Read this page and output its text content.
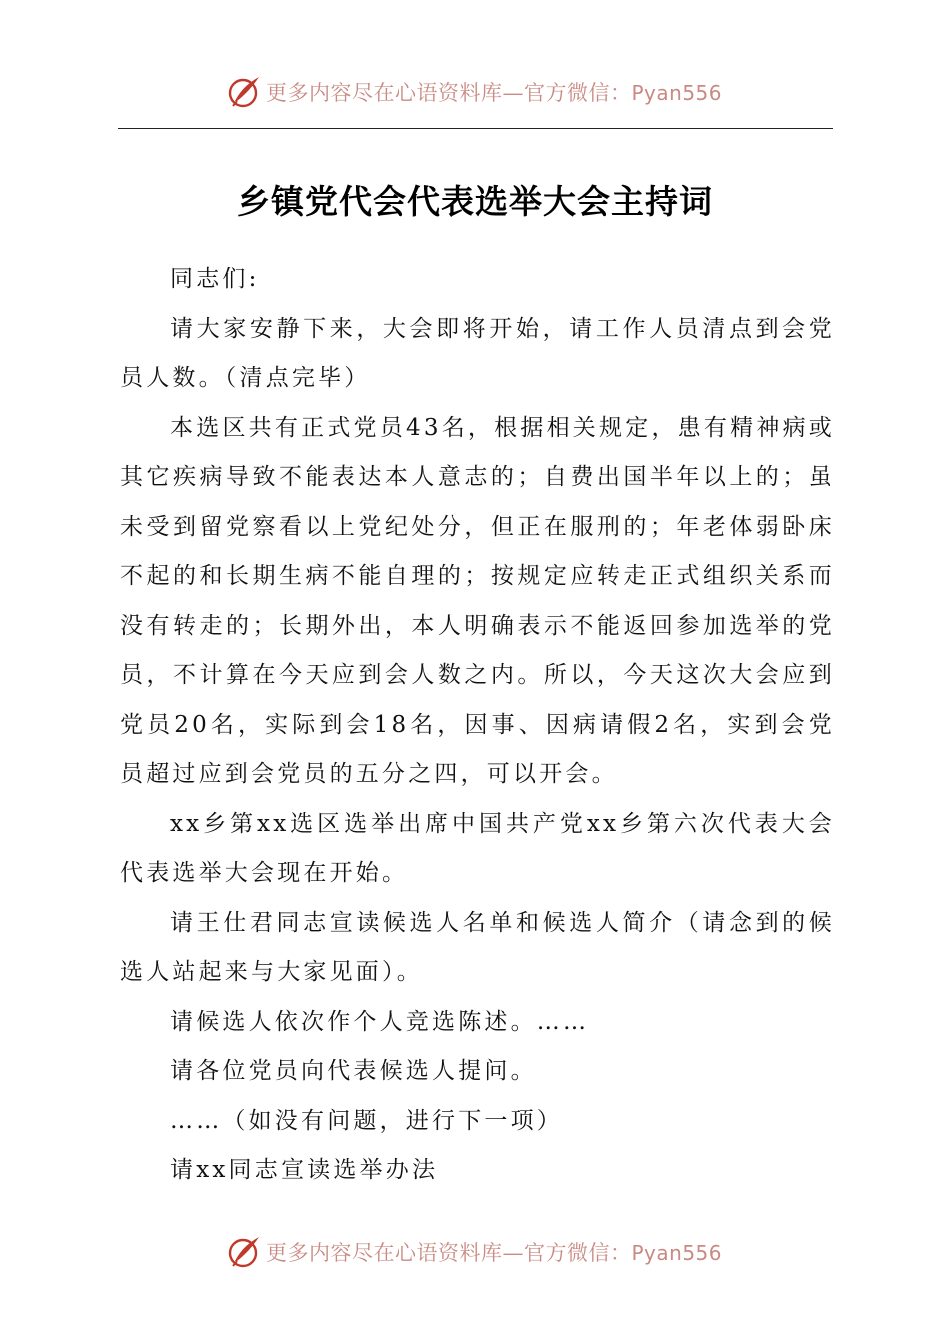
更多内容尽在心语资料库—官方微信：Pyan556
乡镇党代会代表选举大会主持词

同志们:

请大家安静下来，大会即将开始，请工作人员清点到会党员人数。（清点完毕）

本选区共有正式党员43名，根据相关规定，患有精神病或其它疾病导致不能表达本人意志的；自费出国半年以上的；虽未受到留党察看以上党纪处分，但正在服刑的；年老体弱卧床不起的和长期生病不能自理的；按规定应转走正式组织关系而没有转走的；长期外出，本人明确表示不能返回参加选举的党员，不计算在今天应到会人数之内。所以，今天这次大会应到党员20名，实际到会18名，因事、因病请假2名，实到会党员超过应到会党员的五分之四，可以开会。

xx乡第xx选区选举出席中国共产党xx乡第六次代表大会代表选举大会现在开始。

请王仕君同志宣读候选人名单和候选人简介（请念到的候选人站起来与大家见面）。

请候选人依次作个人竞选陈述。……

请各位党员向代表候选人提问。

……（如没有问题，进行下一项）

请xx同志宣读选举办法

更多内容尽在心语资料库—官方微信：Pyan556
